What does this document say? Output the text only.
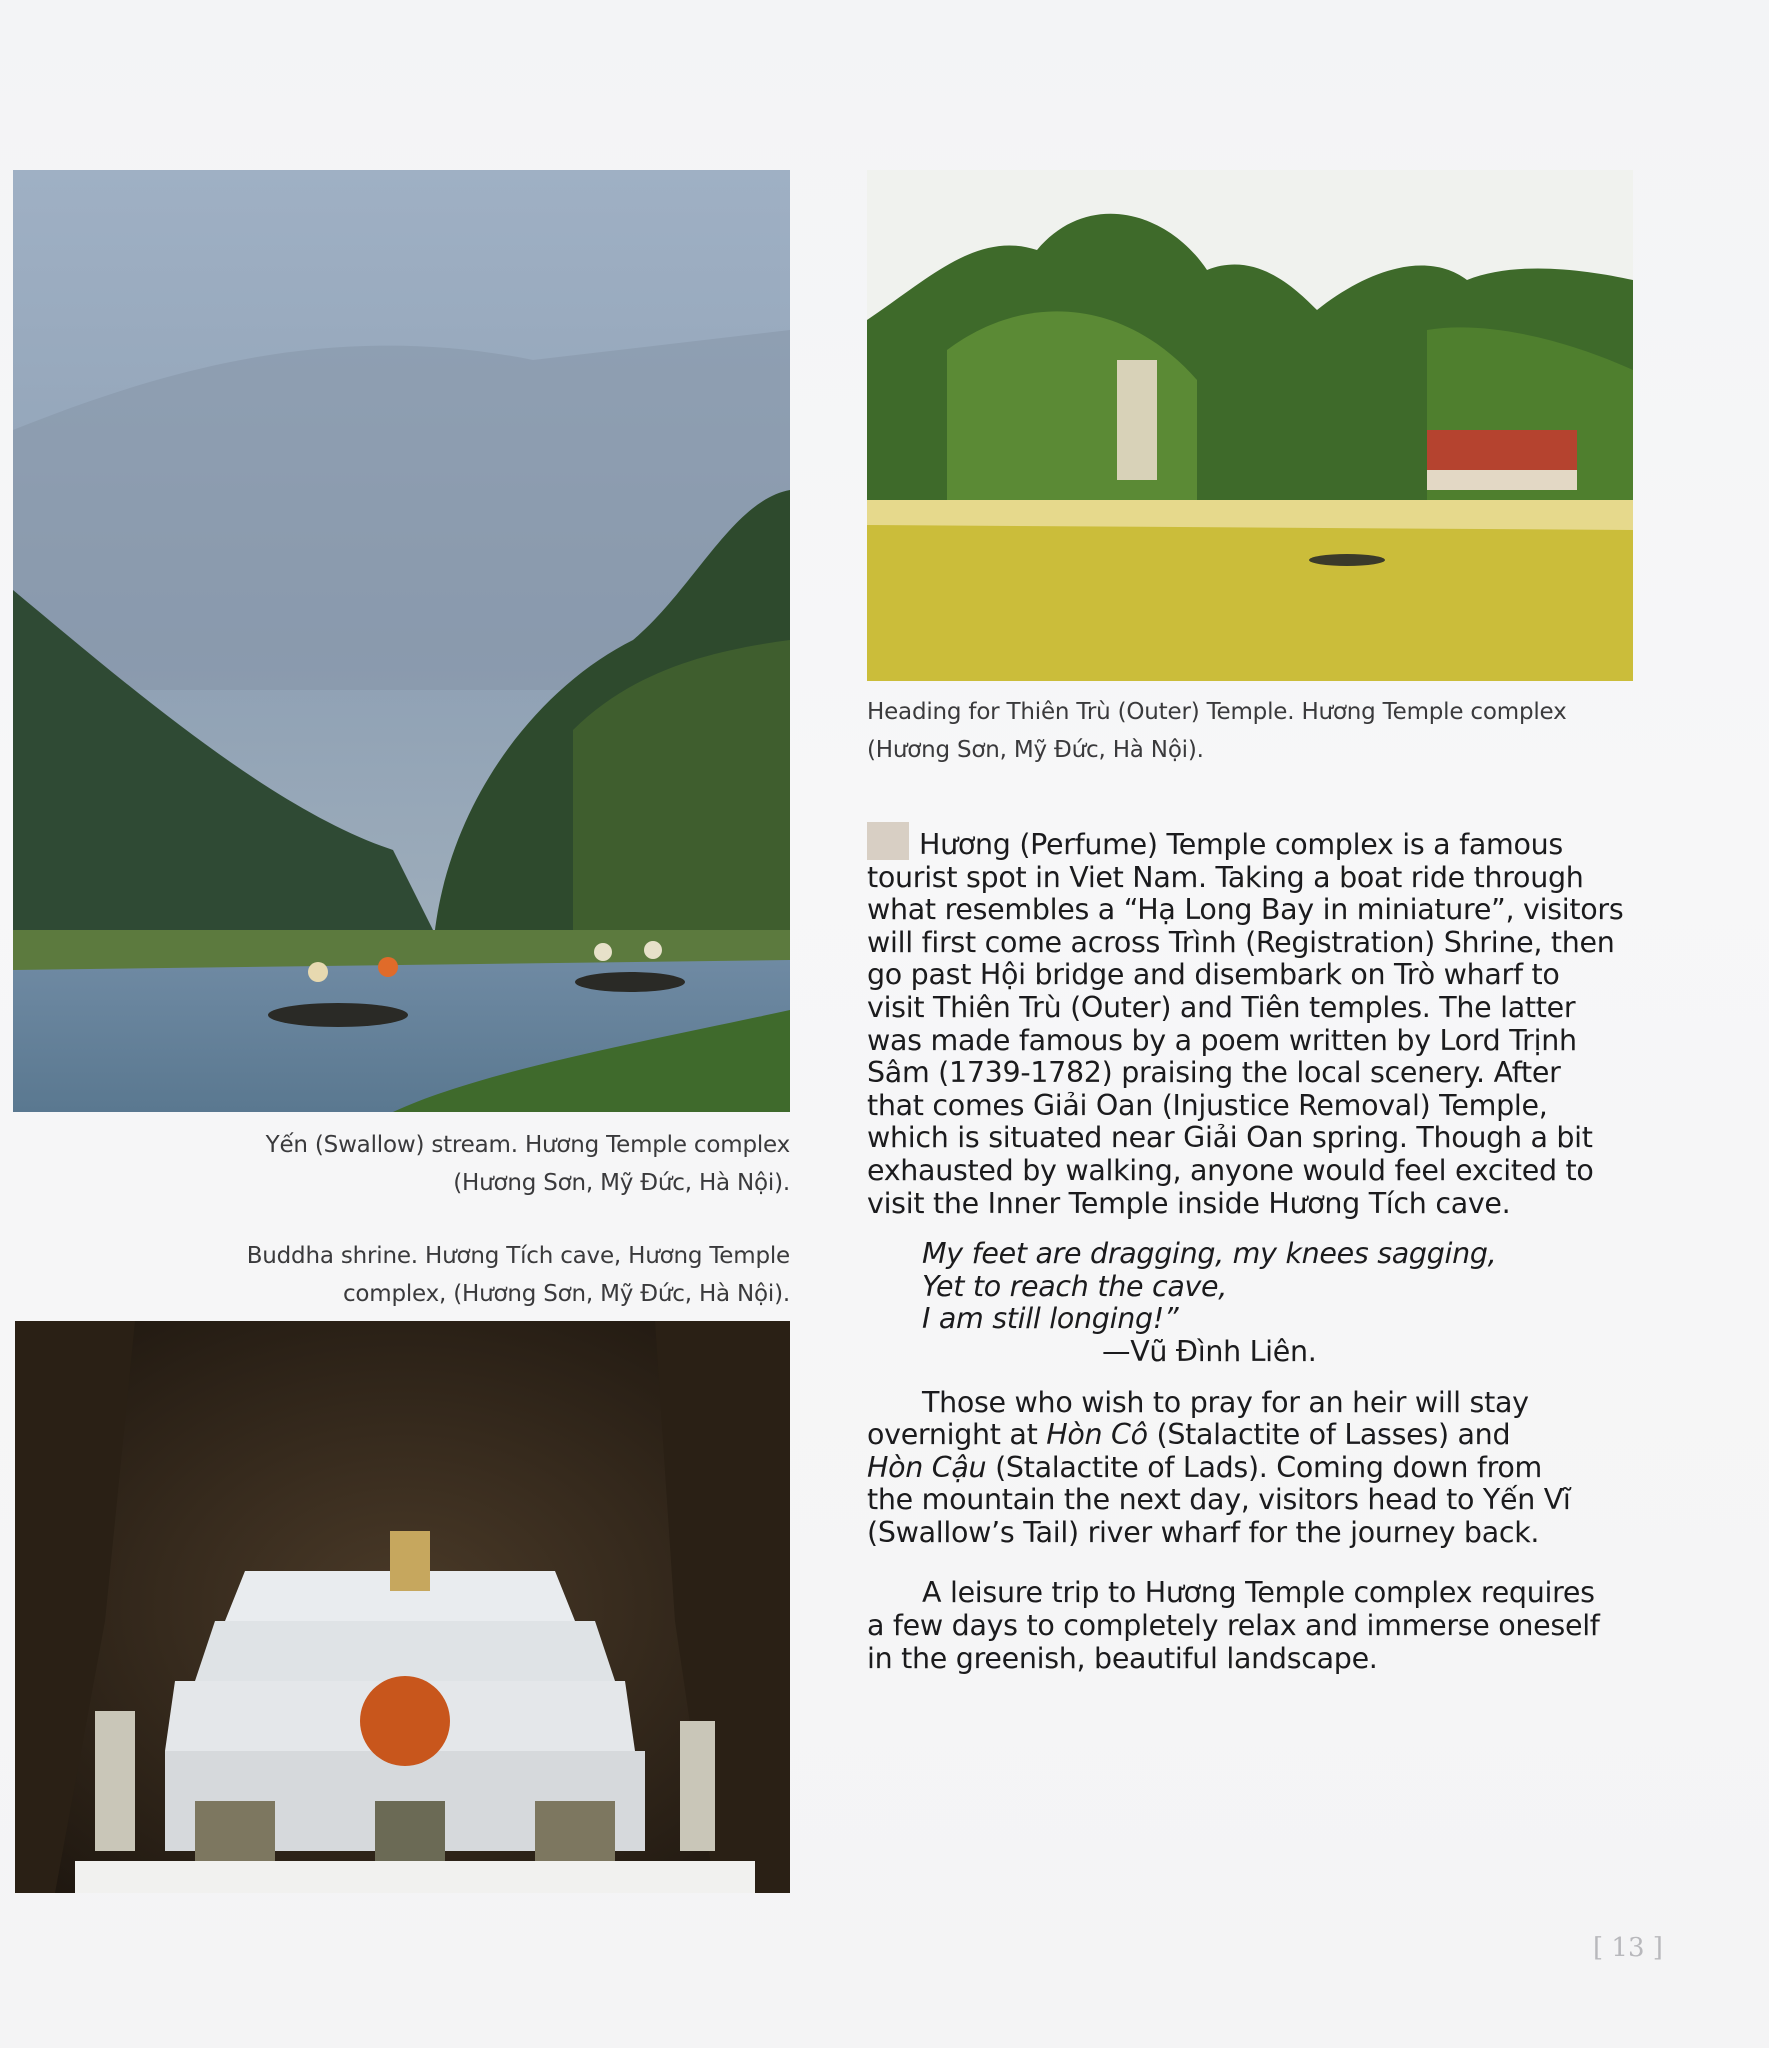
Heading for Thiên Trù (Outer) Temple. Hương Temple complex
(Hương Sơn, Mỹ Đức, Hà Nội).
Yến (Swallow) stream. Hương Temple complex
(Hương Sơn, Mỹ Đức, Hà Nội).
Buddha shrine. Hương Tích cave, Hương Temple
complex, (Hương Sơn, Mỹ Đức, Hà Nội).

Hương (Perfume) Temple complex is a famous

tourist spot in Viet Nam. Taking a boat ride through

what resembles a “Hạ Long Bay in miniature”, visitors

will first come across Trình (Registration) Shrine, then

go past Hội bridge and disembark on Trò wharf to

visit Thiên Trù (Outer) and Tiên temples. The latter

was made famous by a poem written by Lord Trịnh

Sâm (1739-1782) praising the local scenery. After

that comes Giải Oan (Injustice Removal) Temple,

which is situated near Giải Oan spring. Though a bit

exhausted by walking, anyone would feel excited to

visit the Inner Temple inside Hương Tích cave.

My feet are dragging, my knees sagging,
Yet to reach the cave,
I am still longing!”
—Vũ Đình Liên.

Those who wish to pray for an heir will stay

overnight at Hòn Cô (Stalactite of Lasses) and

Hòn Cậu (Stalactite of Lads). Coming down from

the mountain the next day, visitors head to Yến Vĩ

(Swallow’s Tail) river wharf for the journey back.

A leisure trip to Hương Temple complex requires

a few days to completely relax and immerse oneself

in the greenish, beautiful landscape.

[ 13 ]
